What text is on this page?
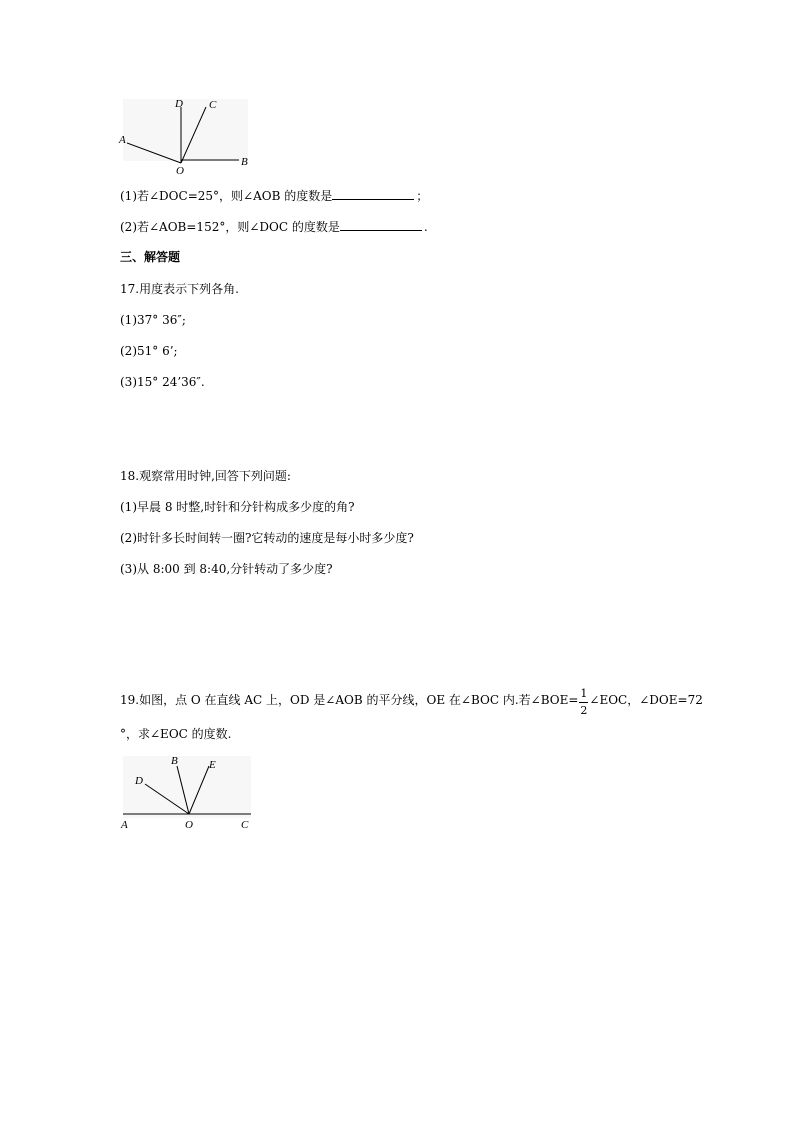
D C
A
O
B
(1)若∠DOC=25°，则∠AOB 的度数是	；
(2)若∠AOB=152°，则∠DOC 的度数是	.
三、解答题
17.用度表示下列各角.
(1)37° 36″;
(2)51° 6’;
(3)15° 24’36″.
18.观察常用时钟,回答下列问题:
(1)早晨 8 时整,时针和分针构成多少度的角?
(2)时针多长时间转一圈?它转动的速度是每小时多少度?
(3)从 8:00 到 8:40,分针转动了多少度?
19.如图，点 O 在直线 AC 上，OD 是∠AOB 的平分线，OE 在∠BOC 内.若∠BOE= $\frac{1}{2}$ ∠EOC，∠DOE=72
°，求∠EOC 的度数.
D
B	E
A	O	C
